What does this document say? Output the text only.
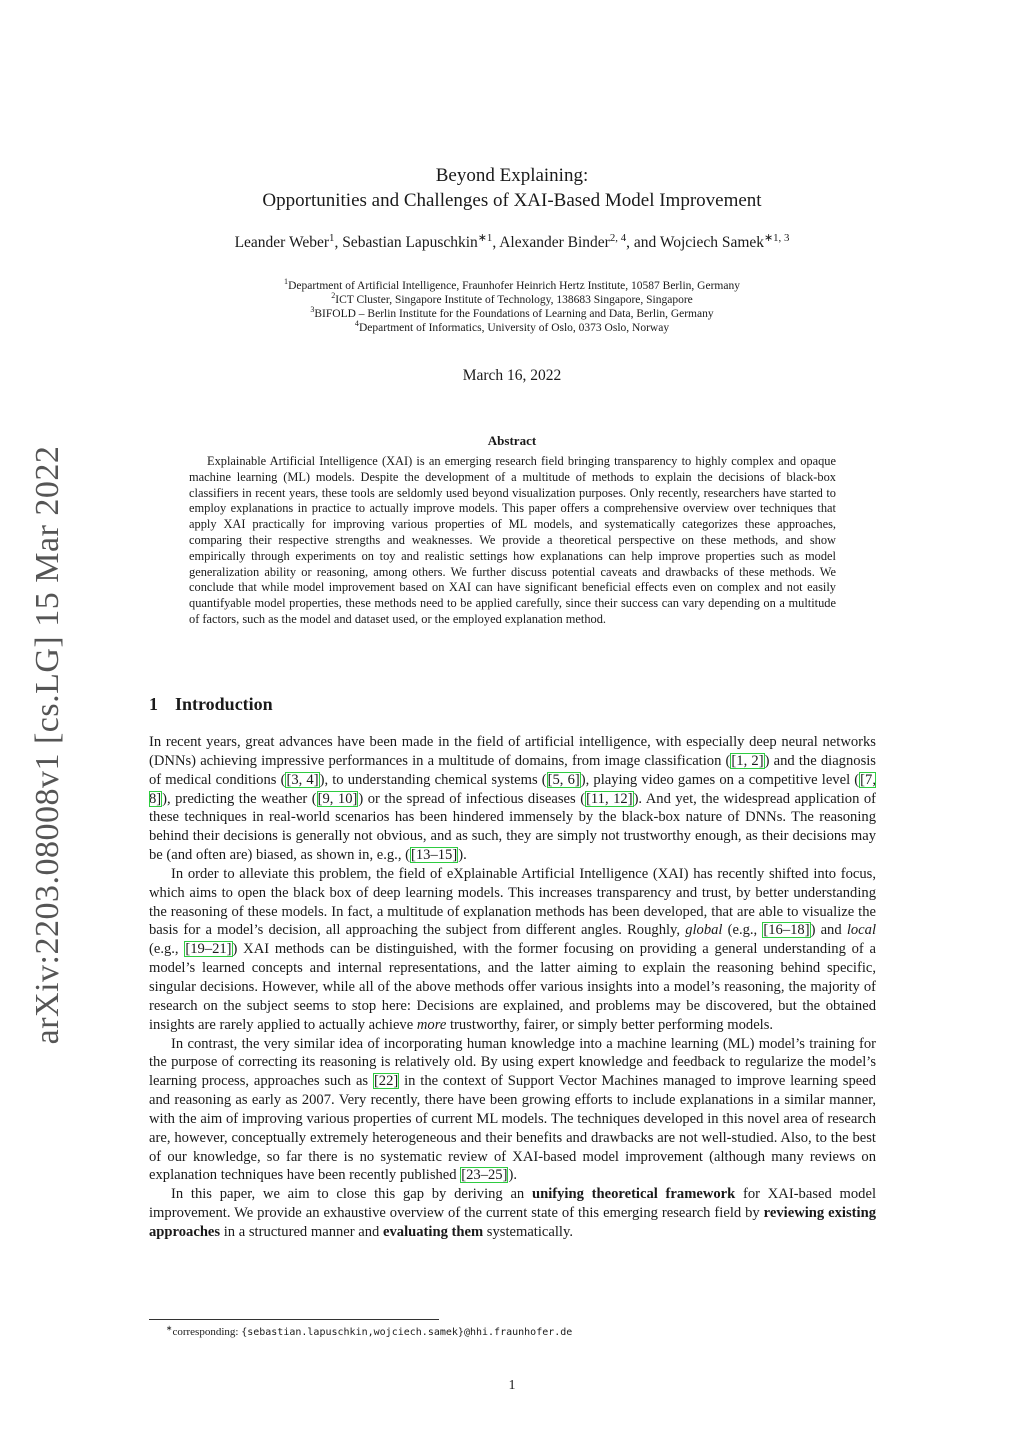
arXiv:2203.08008v1 [cs.LG] 15 Mar 2022
Beyond Explaining:
Opportunities and Challenges of XAI-Based Model Improvement
Leander Weber$^1$, Sebastian Lapuschkin$^{∗1}$, Alexander Binder$^{2, 4}$, and Wojciech Samek$^{∗1, 3}$
$^1$Department of Artificial Intelligence, Fraunhofer Heinrich Hertz Institute, 10587 Berlin, Germany
$^2$ICT Cluster, Singapore Institute of Technology, 138683 Singapore, Singapore
$^3$BIFOLD – Berlin Institute for the Foundations of Learning and Data, Berlin, Germany
$^4$Department of Informatics, University of Oslo, 0373 Oslo, Norway
March 16, 2022
Abstract

Explainable Artificial Intelligence (XAI) is an emerging research field bringing transparency to highly complex and opaque machine learning (ML) models. Despite the development of a multitude of methods to explain the decisions of black-box classifiers in recent years, these tools are seldomly used beyond visualization purposes. Only recently, researchers have started to employ explanations in practice to actually improve models. This paper offers a comprehensive overview over techniques that apply XAI practically for improving various properties of ML models, and systematically categorizes these approaches, comparing their respective strengths and weaknesses. We provide a theoretical perspective on these methods, and show empirically through experiments on toy and realistic settings how explanations can help improve properties such as model generalization ability or reasoning, among others. We further discuss potential caveats and drawbacks of these methods. We conclude that while model improvement based on XAI can have significant beneficial effects even on complex and not easily quantifyable model properties, these methods need to be applied carefully, since their success can vary depending on a multitude of factors, such as the model and dataset used, or the employed explanation method.

1 Introduction

In recent years, great advances have been made in the field of artificial intelligence, with especially deep neural networks (DNNs) achieving impressive performances in a multitude of domains, from image classification ([1, 2]) and the diagnosis of medical conditions ([3, 4]), to understanding chemical systems ([5, 6]), playing video games on a competitive level ([7, 8]), predicting the weather ([9, 10]) or the spread of infectious diseases ([11, 12]). And yet, the widespread application of these techniques in real-world scenarios has been hindered immensely by the black-box nature of DNNs. The reasoning behind their decisions is generally not obvious, and as such, they are simply not trustworthy enough, as their decisions may be (and often are) biased, as shown in, e.g., ([13–15]).

In order to alleviate this problem, the field of eXplainable Artificial Intelligence (XAI) has recently shifted into focus, which aims to open the black box of deep learning models. This increases transparency and trust, by better understanding the reasoning of these models. In fact, a multitude of explanation methods has been developed, that are able to visualize the basis for a model’s decision, all approaching the subject from different angles. Roughly, global (e.g., [16–18]) and local (e.g., [19–21]) XAI methods can be distinguished, with the former focusing on providing a general understanding of a model’s learned concepts and internal representations, and the latter aiming to explain the reasoning behind specific, singular decisions. However, while all of the above methods offer various insights into a model’s reasoning, the majority of research on the subject seems to stop here: Decisions are explained, and problems may be discovered, but the obtained insights are rarely applied to actually achieve more trustworthy, fairer, or simply better performing models.

In contrast, the very similar idea of incorporating human knowledge into a machine learning (ML) model’s training for the purpose of correcting its reasoning is relatively old. By using expert knowledge and feedback to regularize the model’s learning process, approaches such as [22] in the context of Support Vector Machines managed to improve learning speed and reasoning as early as 2007. Very recently, there have been growing efforts to include explanations in a similar manner, with the aim of improving various properties of current ML models. The techniques developed in this novel area of research are, however, conceptually extremely heterogeneous and their benefits and drawbacks are not well-studied. Also, to the best of our knowledge, so far there is no systematic review of XAI-based model improvement (although many reviews on explanation techniques have been recently published [23–25]).

In this paper, we aim to close this gap by deriving an unifying theoretical framework for XAI-based model improvement. We provide an exhaustive overview of the current state of this emerging research field by reviewing existing approaches in a structured manner and evaluating them systematically.

∗corresponding: {sebastian.lapuschkin,wojciech.samek}@hhi.fraunhofer.de
1
